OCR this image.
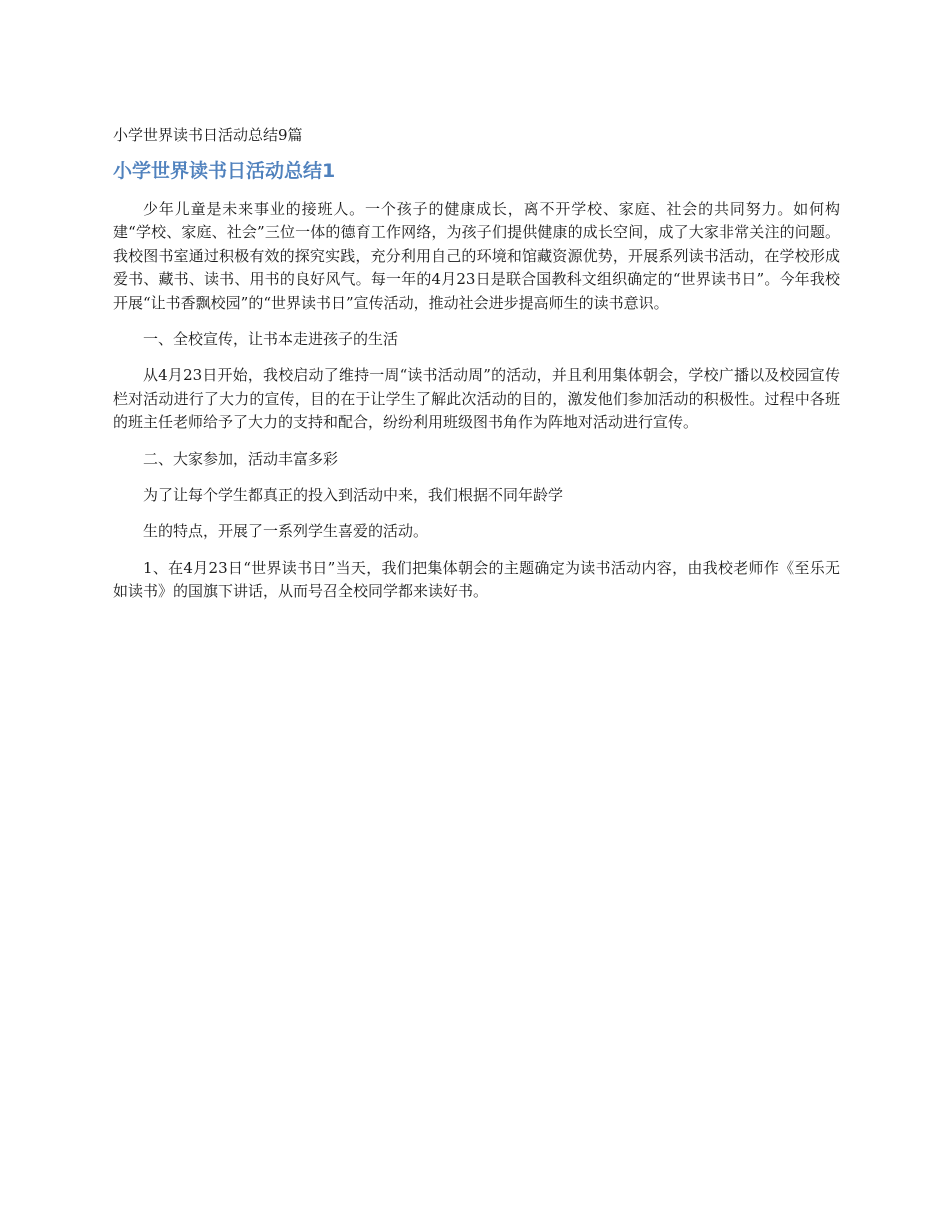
小学世界读书日活动总结9篇
小学世界读书日活动总结1

少年儿童是未来事业的接班人。一个孩子的健康成长，离不开学校、家庭、社会的共同努力。如何构建“学校、家庭、社会”三位一体的德育工作网络，为孩子们提供健康的成长空间，成了大家非常关注的问题。我校图书室通过积极有效的探究实践，充分利用自己的环境和馆藏资源优势，开展系列读书活动，在学校形成爱书、藏书、读书、用书的良好风气。每一年的4月23日是联合国教科文组织确定的“世界读书日”。今年我校开展“让书香飘校园”的“世界读书日”宣传活动，推动社会进步提高师生的读书意识。

一、全校宣传，让书本走进孩子的生活

从4月23日开始，我校启动了维持一周“读书活动周”的活动，并且利用集体朝会，学校广播以及校园宣传栏对活动进行了大力的宣传，目的在于让学生了解此次活动的目的，激发他们参加活动的积极性。过程中各班的班主任老师给予了大力的支持和配合，纷纷利用班级图书角作为阵地对活动进行宣传。

二、大家参加，活动丰富多彩

为了让每个学生都真正的投入到活动中来，我们根据不同年龄学

生的特点，开展了一系列学生喜爱的活动。

1、在4月23日“世界读书日”当天，我们把集体朝会的主题确定为读书活动内容，由我校老师作《至乐无如读书》的国旗下讲话，从而号召全校同学都来读好书。
